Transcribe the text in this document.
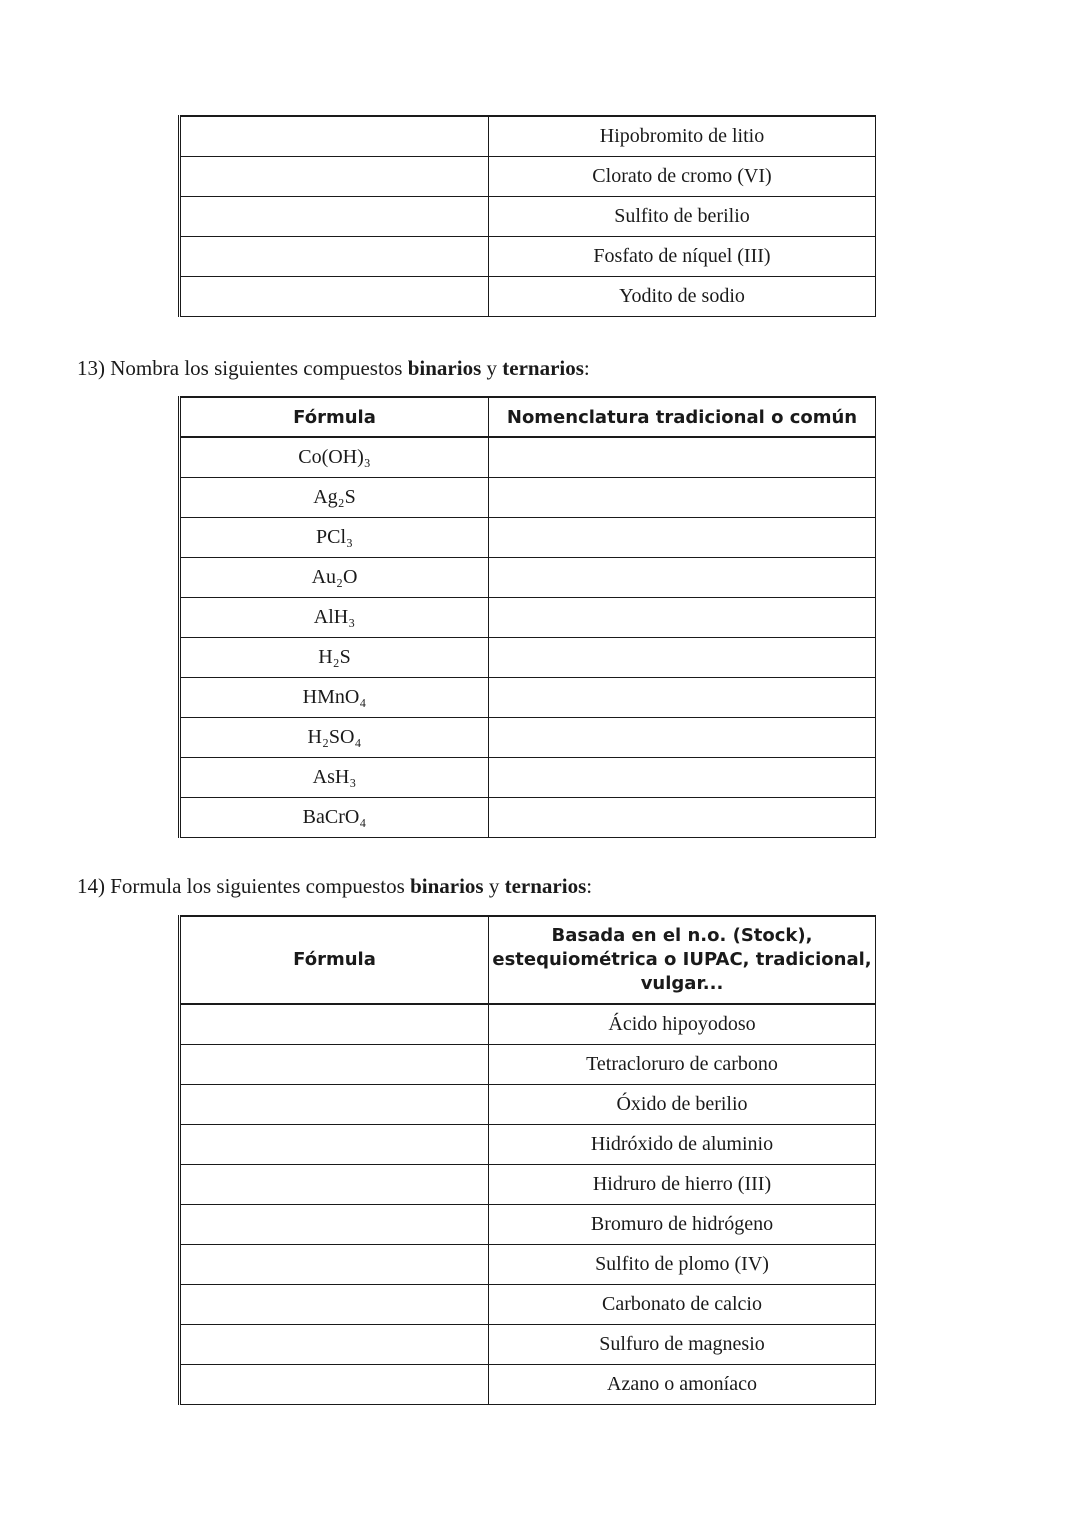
	Hipobromito de litio
	Clorato de cromo (VI)
	Sulfito de berilio
	Fosfato de níquel (III)
	Yodito de sodio

13) Nombra los siguientes compuestos binarios y ternarios:

Fórmula	Nomenclatura tradicional o común
Co(OH)₃	
Ag₂S	
PCl₃	
Au₂O	
AlH₃	
H₂S	
HMnO₄	
H₂SO₄	
AsH₃	
BaCrO₄	

14) Formula los siguientes compuestos binarios y ternarios:

Fórmula	Basada en el n.o. (Stock), estequiométrica o IUPAC, tradicional, vulgar...
	Ácido hipoyodoso
	Tetracloruro de carbono
	Óxido de berilio
	Hidróxido de aluminio
	Hidruro de hierro (III)
	Bromuro de hidrógeno
	Sulfito de plomo (IV)
	Carbonato de calcio
	Sulfuro de magnesio
	Azano o amoníaco
